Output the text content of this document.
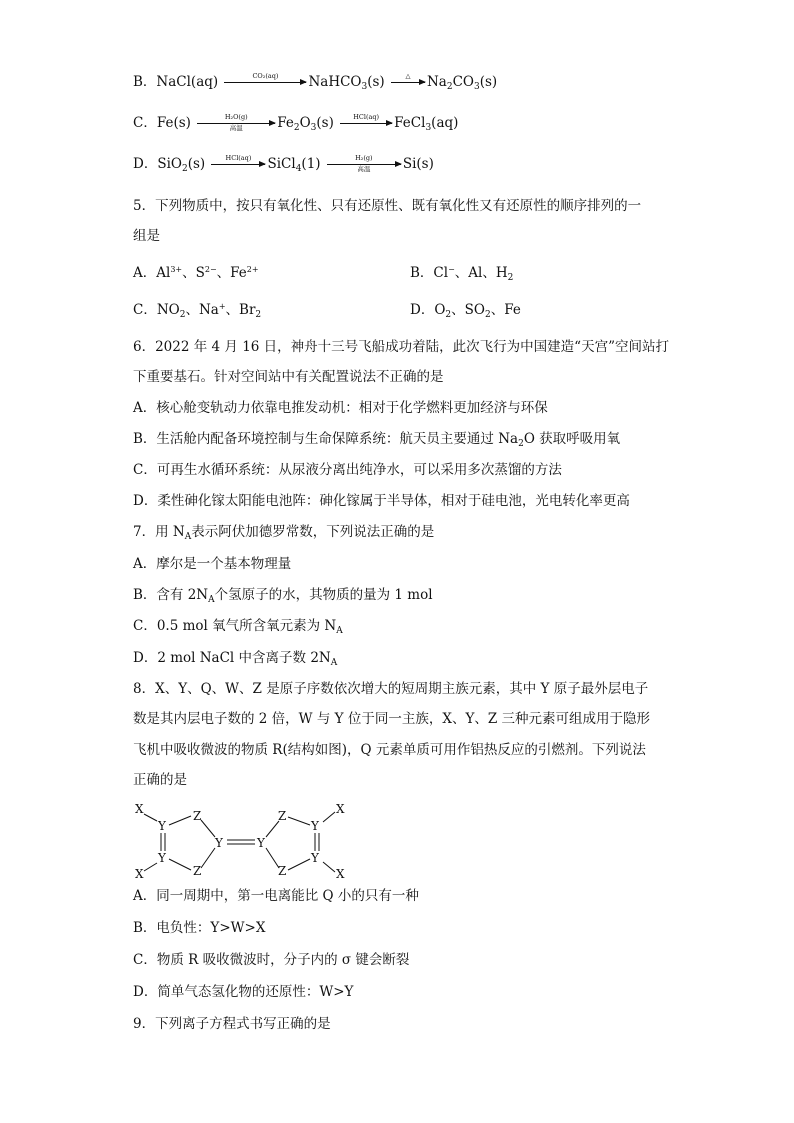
B．NaCl(aq)	CO₂(aq)	NaHCO$_3$(s)	△	$Na_2CO_3(s)$
C．Fe(s)	H₂O(g)
高温	$Fe_2O_3(s)$	HCl(aq)	FeCl$_3$(aq)
D．SiO$_2$(s)	HCl(aq)	SiCl$_4$(1)	H₂(g)
高温	Si(s)
5．下列物质中，按只有氧化性、只有还原性、既有氧化性又有还原性的顺序排列的一
组是
A．$Al^{3+}$、$S^{2-}$、$Fe^{2+}$	B．Cl−、Al、$H_2$
C．$NO_2$、Na+、$Br_2$	D．$O_2$、$SO_2$、Fe
6．2022 年 4 月 16 日，神舟十三号飞船成功着陆，此次飞行为中国建造“天宫”空间站打
下重要基石。针对空间站中有关配置说法不正确的是
A．核心舱变轨动力依靠电推发动机：相对于化学燃料更加经济与环保
B．生活舱内配备环境控制与生命保障系统：航天员主要通过 $Na_2O$ 获取呼吸用氧
C．可再生水循环系统：从尿液分离出纯净水，可以采用多次蒸馏的方法
D．柔性砷化镓太阳能电池阵：砷化镓属于半导体，相对于硅电池，光电转化率更高
7．用 $N_A$表示阿伏加德罗常数，下列说法正确的是
A．摩尔是一个基本物理量
B．含有 $2N_A$个氢原子的水，其物质的量为 1 mol
C．0.5 mol 氧气所含氧元素为 $N_A$
D．2 mol NaCl 中含离子数 $2N_A$
8．X、Y、Q、W、Z 是原子序数依次增大的短周期主族元素，其中 Y 原子最外层电子
数是其内层电子数的 2 倍，W 与 Y 位于同一主族，X、Y、Z 三种元素可组成用于隐形
飞机中吸收微波的物质 R(结构如图)，Q 元素单质可用作铝热反应的引燃剂。下列说法
正确的是
X
Y
Z
Y
Y
Z
X
Y
Z
Z
Y
Y
X
X
A．同一周期中，第一电离能比 Q 小的只有一种
B．电负性：Y>W>X
C．物质 R 吸收微波时，分子内的 σ 键会断裂
D．简单气态氢化物的还原性：W>Y
9．下列离子方程式书写正确的是
